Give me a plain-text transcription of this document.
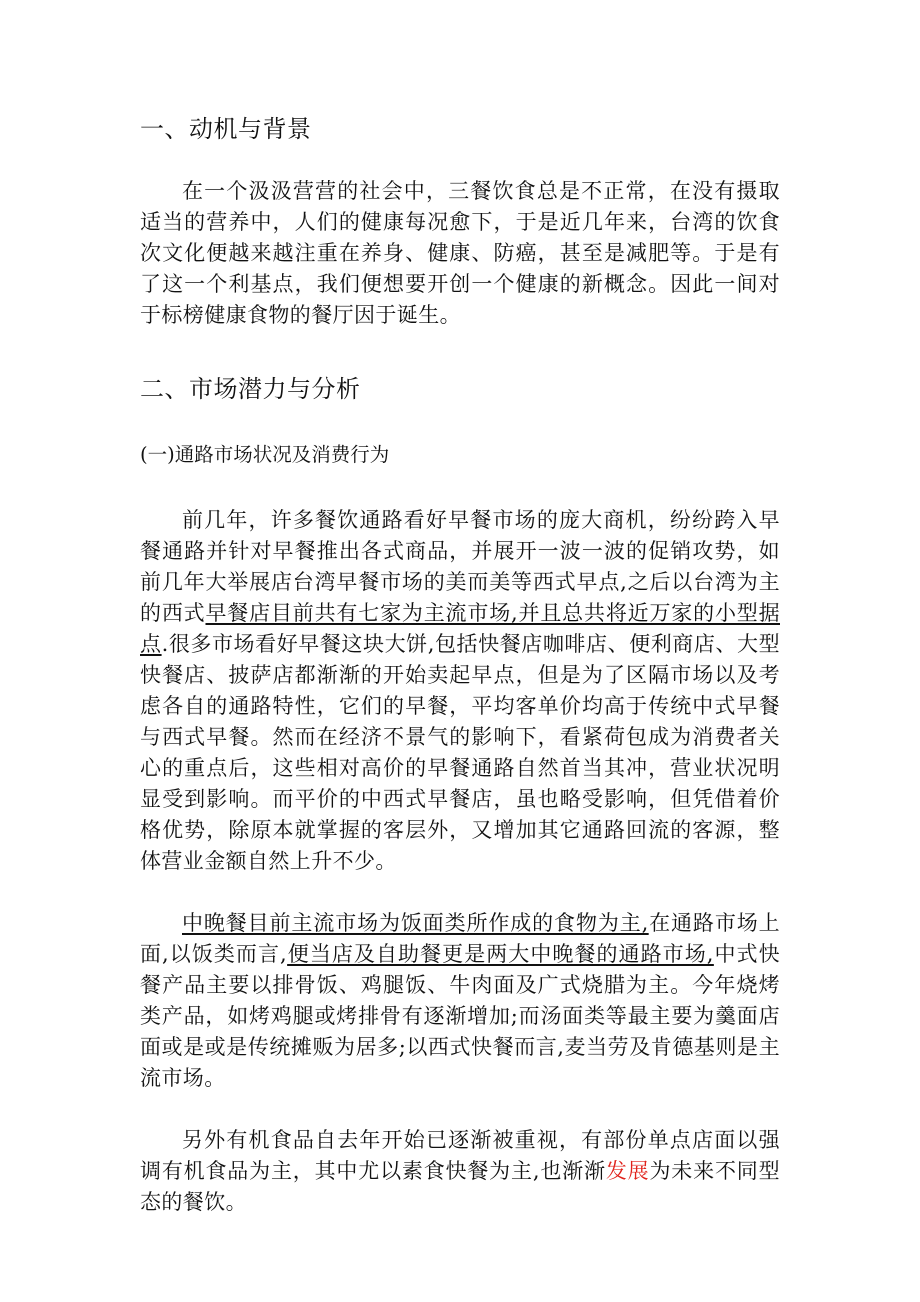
一、动机与背景

在一个汲汲营营的社会中，三餐饮食总是不正常，在没有摄取适当的营养中，人们的健康每况愈下，于是近几年来，台湾的饮食次文化便越来越注重在养身、健康、防癌，甚至是减肥等。于是有了这一个利基点，我们便想要开创一个健康的新概念。因此一间对于标榜健康食物的餐厅因于诞生。

二、市场潜力与分析
(一)通路市场状况及消费行为

前几年，许多餐饮通路看好早餐市场的庞大商机，纷纷跨入早餐通路并针对早餐推出各式商品，并展开一波一波的促销攻势，如前几年大举展店台湾早餐市场的美而美等西式早点,之后以台湾为主的西式早餐店目前共有七家为主流市场,并且总共将近万家的小型据点.很多市场看好早餐这块大饼,包括快餐店咖啡店、便利商店、大型快餐店、披萨店都渐渐的开始卖起早点，但是为了区隔市场以及考虑各自的通路特性，它们的早餐，平均客单价均高于传统中式早餐与西式早餐。然而在经济不景气的影响下，看紧荷包成为消费者关心的重点后，这些相对高价的早餐通路自然首当其冲，营业状况明显受到影响。而平价的中西式早餐店，虽也略受影响，但凭借着价格优势，除原本就掌握的客层外，又增加其它通路回流的客源，整体营业金额自然上升不少。

中晚餐目前主流市场为饭面类所作成的食物为主,在通路市场上面,以饭类而言,便当店及自助餐更是两大中晚餐的通路市场,中式快餐产品主要以排骨饭、鸡腿饭、牛肉面及广式烧腊为主。今年烧烤类产品，如烤鸡腿或烤排骨有逐渐增加;而汤面类等最主要为羹面店面或是或是传统摊贩为居多;以西式快餐而言,麦当劳及肯德基则是主流市场。

另外有机食品自去年开始已逐渐被重视，有部份单点店面以强调有机食品为主，其中尤以素食快餐为主,也渐渐发展为未来不同型态的餐饮。
